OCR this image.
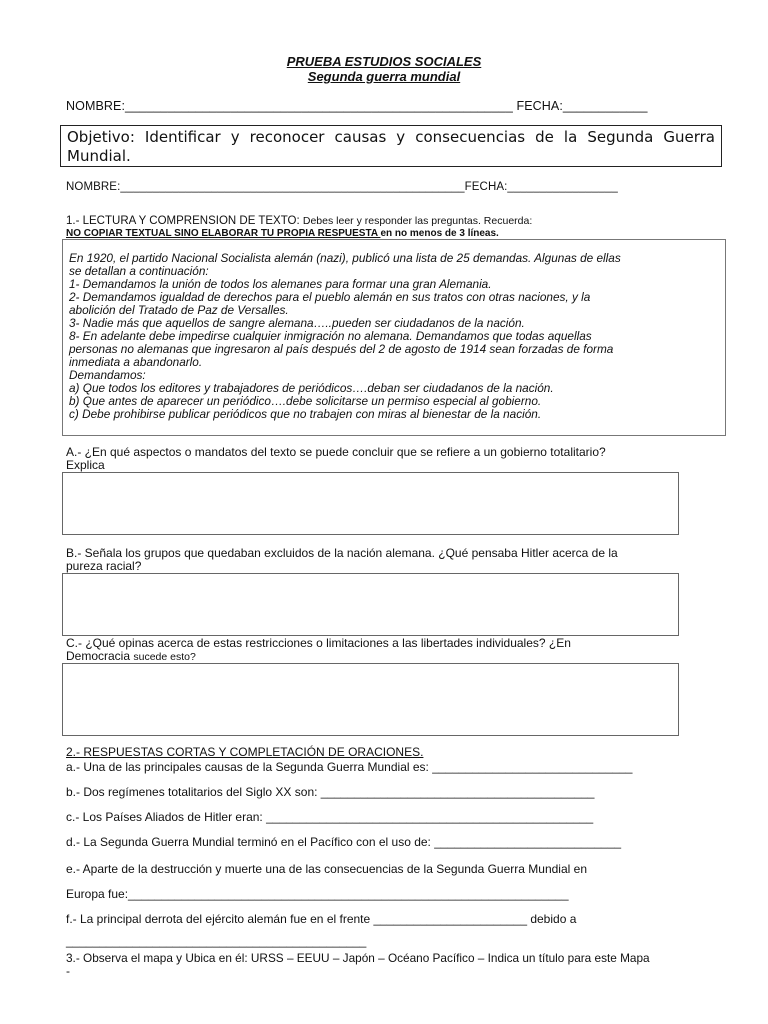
PRUEBA ESTUDIOS SOCIALES
Segunda guerra mundial
NOMBRE:_______________________________________________________ FECHA:____________
Objetivo: Identificar y reconocer causas y consecuencias de la Segunda Guerra Mundial.
NOMBRE:_____________________________________________________FECHA:_________________
1.- LECTURA Y COMPRENSION DE TEXTO: Debes leer y responder las preguntas. Recuerda:
NO COPIAR TEXTUAL SINO ELABORAR TU PROPIA RESPUESTA en no menos de 3 líneas.
En 1920, el partido Nacional Socialista alemán (nazi), publicó una lista de 25 demandas. Algunas de ellas
se detallan a continuación:
1- Demandamos la unión de todos los alemanes para formar una gran Alemania.
2- Demandamos igualdad de derechos para el pueblo alemán en sus tratos con otras naciones, y la
abolición del Tratado de Paz de Versalles.
3- Nadie más que aquellos de sangre alemana…..pueden ser ciudadanos de la nación.
8- En adelante debe impedirse cualquier inmigración no alemana. Demandamos que todas aquellas
personas no alemanas que ingresaron al país después del 2 de agosto de 1914 sean forzadas de forma
inmediata a abandonarlo.
Demandamos:
a) Que todos los editores y trabajadores de periódicos….deban ser ciudadanos de la nación.
b) Que antes de aparecer un periódico….debe solicitarse un permiso especial al gobierno.
c) Debe prohibirse publicar periódicos que no trabajen con miras al bienestar de la nación.
A.- ¿En qué aspectos o mandatos del texto se puede concluir que se refiere a un gobierno totalitario?
Explica
B.- Señala los grupos que quedaban excluidos de la nación alemana. ¿Qué pensaba Hitler acerca de la
pureza racial?
C.- ¿Qué opinas acerca de estas restricciones o limitaciones a las libertades individuales? ¿En
Democracia sucede esto?
2.- RESPUESTAS CORTAS Y COMPLETACIÓN DE ORACIONES.
a.- Una de las principales causas de la Segunda Guerra Mundial es: ______________________________
b.- Dos regímenes totalitarios del Siglo XX son: _________________________________________
c.- Los Países Aliados de Hitler eran: _________________________________________________
d.- La Segunda Guerra Mundial terminó en el Pacífico con el uso de: ____________________________
e.- Aparte de la destrucción y muerte una de las consecuencias de la Segunda Guerra Mundial en
Europa fue:__________________________________________________________________
f.- La principal derrota del ejército alemán fue en el frente _______________________ debido a
_____________________________________________
3.- Observa el mapa y Ubica en él: URSS – EEUU – Japón – Océano Pacífico – Indica un título para este Mapa
-
